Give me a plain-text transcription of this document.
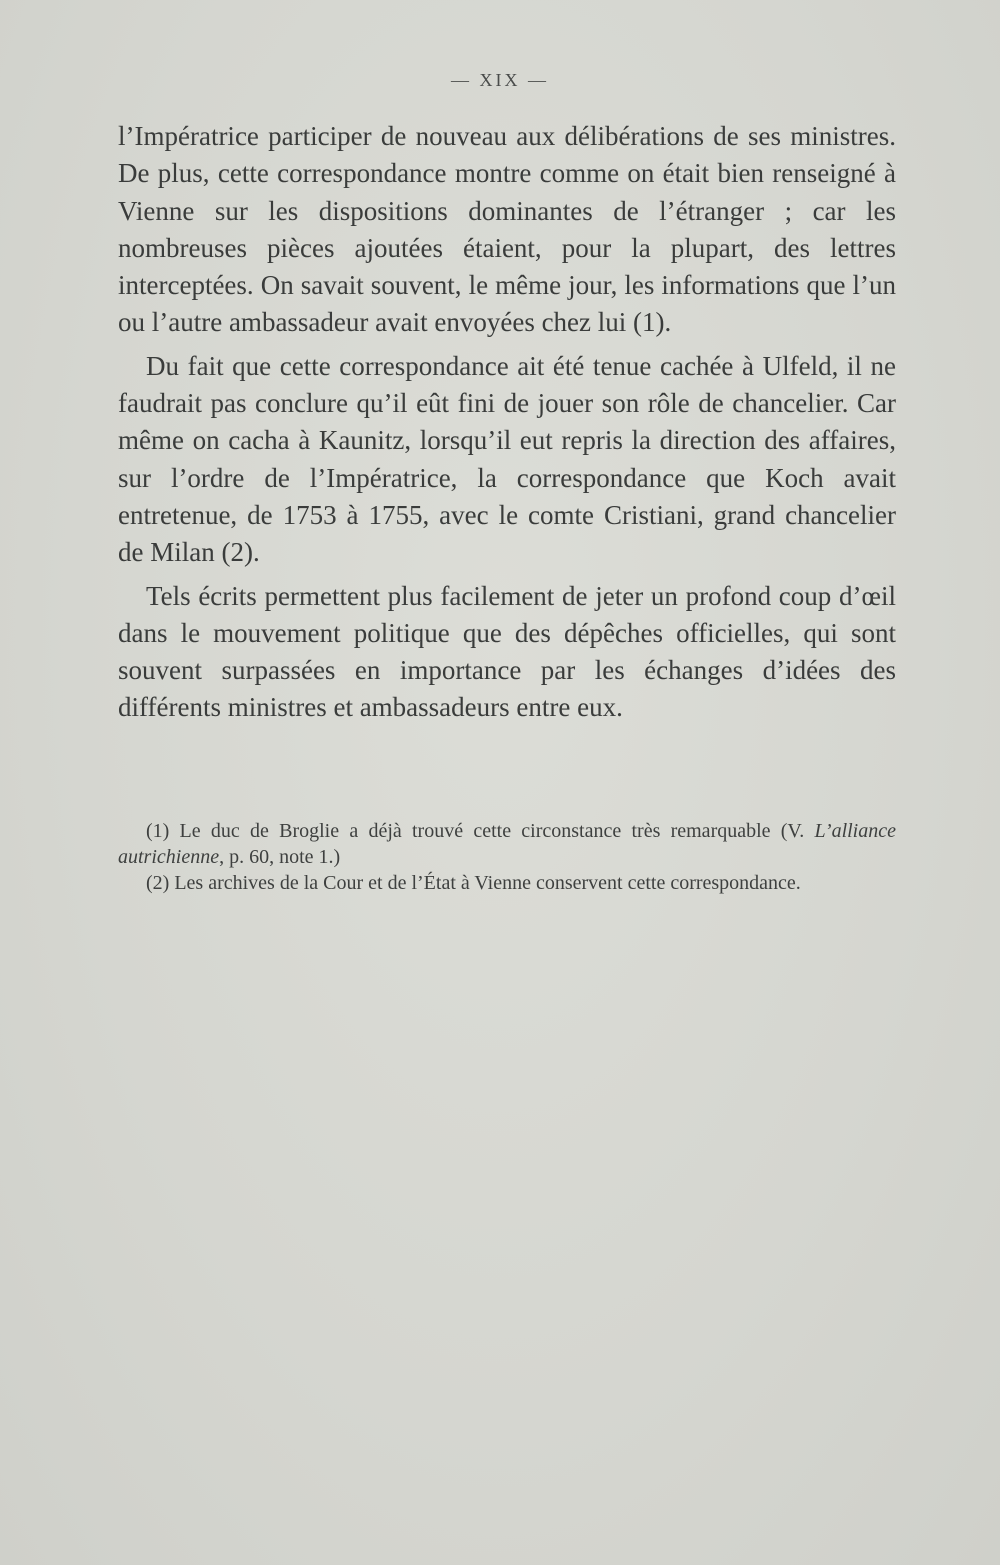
— XIX —

l’Impératrice participer de nouveau aux délibérations de ses ministres. De plus, cette correspondance montre comme on était bien renseigné à Vienne sur les dispositions dominantes de l’étranger ; car les nombreuses pièces ajoutées étaient, pour la plupart, des lettres interceptées. On savait souvent, le même jour, les informations que l’un ou l’autre ambassadeur avait envoyées chez lui (1).

Du fait que cette correspondance ait été tenue cachée à Ulfeld, il ne faudrait pas conclure qu’il eût fini de jouer son rôle de chancelier. Car même on cacha à Kaunitz, lorsqu’il eut repris la direction des affaires, sur l’ordre de l’Impératrice, la correspondance que Koch avait entretenue, de 1753 à 1755, avec le comte Cristiani, grand chancelier de Milan (2).

Tels écrits permettent plus facilement de jeter un profond coup d’œil dans le mouvement politique que des dépêches officielles, qui sont souvent surpassées en importance par les échanges d’idées des différents ministres et ambassadeurs entre eux.

(1) Le duc de Broglie a déjà trouvé cette circonstance très remarquable (V. L’alliance autrichienne, p. 60, note 1.)

(2) Les archives de la Cour et de l’État à Vienne conservent cette correspondance.
